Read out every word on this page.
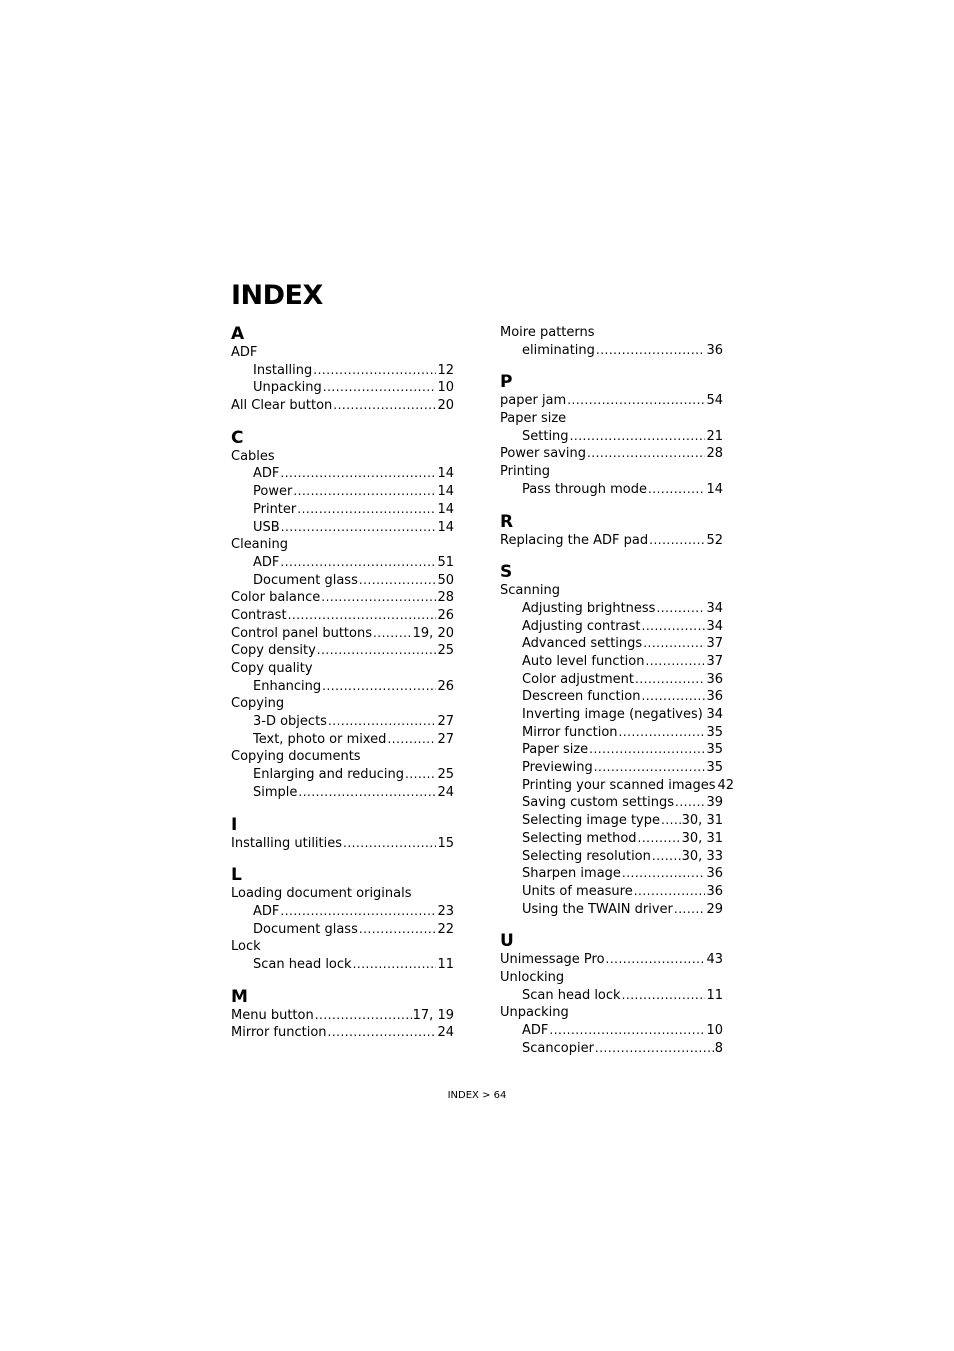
INDEX
A
ADF
Installing .....	12
Unpacking .....	10
All Clear button .....	20
C
Cables
ADF .....	14
Power .....	14
Printer .....	14
USB .....	14
Cleaning
ADF .....	51
Document glass .....	50
Color balance .....	28
Contrast .....	26
Control panel buttons .....	19, 20
Copy density .....	25
Copy quality
Enhancing .....	26
Copying
3-D objects .....	27
Text, photo or mixed .....	27
Copying documents
Enlarging and reducing .....	25
Simple .....	24
I
Installing utilities .....	15
L
Loading document originals
ADF .....	23
Document glass .....	22
Lock
Scan head lock .....	11
M
Menu button .....	17, 19
Mirror function .....	24
Moire patterns
eliminating .....	36
P
paper jam .....	54
Paper size
Setting .....	21
Power saving .....	28
Printing
Pass through mode .....	14
R
Replacing the ADF pad .....	52
S
Scanning
Adjusting brightness .....	34
Adjusting contrast .....	34
Advanced settings .....	37
Auto level function .....	37
Color adjustment .....	36
Descreen function .....	36
Inverting image (negatives) ..... 34
Mirror function .....	35
Paper size .....	35
Previewing .....	35
Printing your scanned images 42
Saving custom settings ..... 39
Selecting image type ..... 30, 31
Selecting method .....	30, 31
Selecting resolution ..... 30, 33
Sharpen image .....	36
Units of measure .....	36
Using the TWAIN driver .....	29
U
Unimessage Pro .....	43
Unlocking
Scan head lock .....	11
Unpacking
ADF .....	10
Scancopier .....	8
INDEX > 64
